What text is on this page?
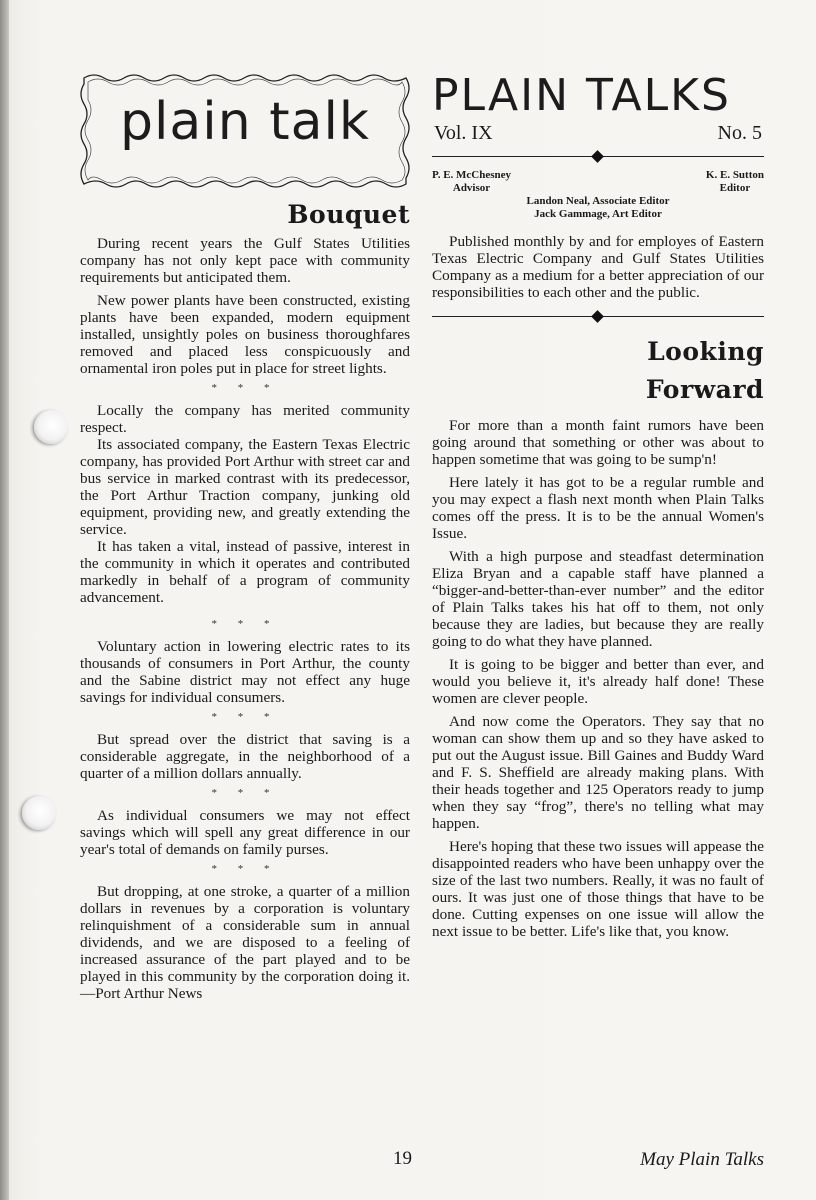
plain talk
Bouquet

During recent years the Gulf States Utilities company has not only kept pace with community requirements but anticipated them.

New power plants have been constructed, existing plants have been expanded, modern equipment installed, unsightly poles on business thoroughfares removed and placed less conspicuously and ornamental iron poles put in place for street lights.

* * *

Locally the company has merited community respect.

Its associated company, the Eastern Texas Electric company, has provided Port Arthur with street car and bus service in marked contrast with its predecessor, the Port Arthur Traction company, junking old equipment, providing new, and greatly extending the service.

It has taken a vital, instead of passive, interest in the community in which it operates and contributed markedly in behalf of a program of community advancement.

* * *

Voluntary action in lowering electric rates to its thousands of consumers in Port Arthur, the county and the Sabine district may not effect any huge savings for individual consumers.

* * *

But spread over the district that saving is a considerable aggregate, in the neighborhood of a quarter of a million dollars annually.

* * *

As individual consumers we may not effect savings which will spell any great difference in our year's total of demands on family purses.

* * *

But dropping, at one stroke, a quarter of a million dollars in revenues by a corporation is voluntary relinquishment of a considerable sum in annual dividends, and we are disposed to a feeling of increased assurance of the part played and to be played in this community by the corporation doing it.—Port Arthur News

PLAIN TALKS
Vol. IX	No. 5
P. E. McChesney
Advisor
K. E. Sutton
Editor
Landon Neal, Associate Editor
Jack Gammage, Art Editor

Published monthly by and for employes of Eastern Texas Electric Company and Gulf States Utilities Company as a medium for a better appreciation of our responsibilities to each other and the public.

Looking
Forward

For more than a month faint rumors have been going around that something or other was about to happen sometime that was going to be sump'n!

Here lately it has got to be a regular rumble and you may expect a flash next month when Plain Talks comes off the press. It is to be the annual Women's Issue.

With a high purpose and steadfast determination Eliza Bryan and a capable staff have planned a “bigger-and-better-than-ever number” and the editor of Plain Talks takes his hat off to them, not only because they are ladies, but because they are really going to do what they have planned.

It is going to be bigger and better than ever, and would you believe it, it's already half done! These women are clever people.

And now come the Operators. They say that no woman can show them up and so they have asked to put out the August issue. Bill Gaines and Buddy Ward and F. S. Sheffield are already making plans. With their heads together and 125 Operators ready to jump when they say “frog”, there's no telling what may happen.

Here's hoping that these two issues will appease the disappointed readers who have been unhappy over the size of the last two numbers. Really, it was no fault of ours. It was just one of those things that have to be done. Cutting expenses on one issue will allow the next issue to be better. Life's like that, you know.

19	May Plain Talks
